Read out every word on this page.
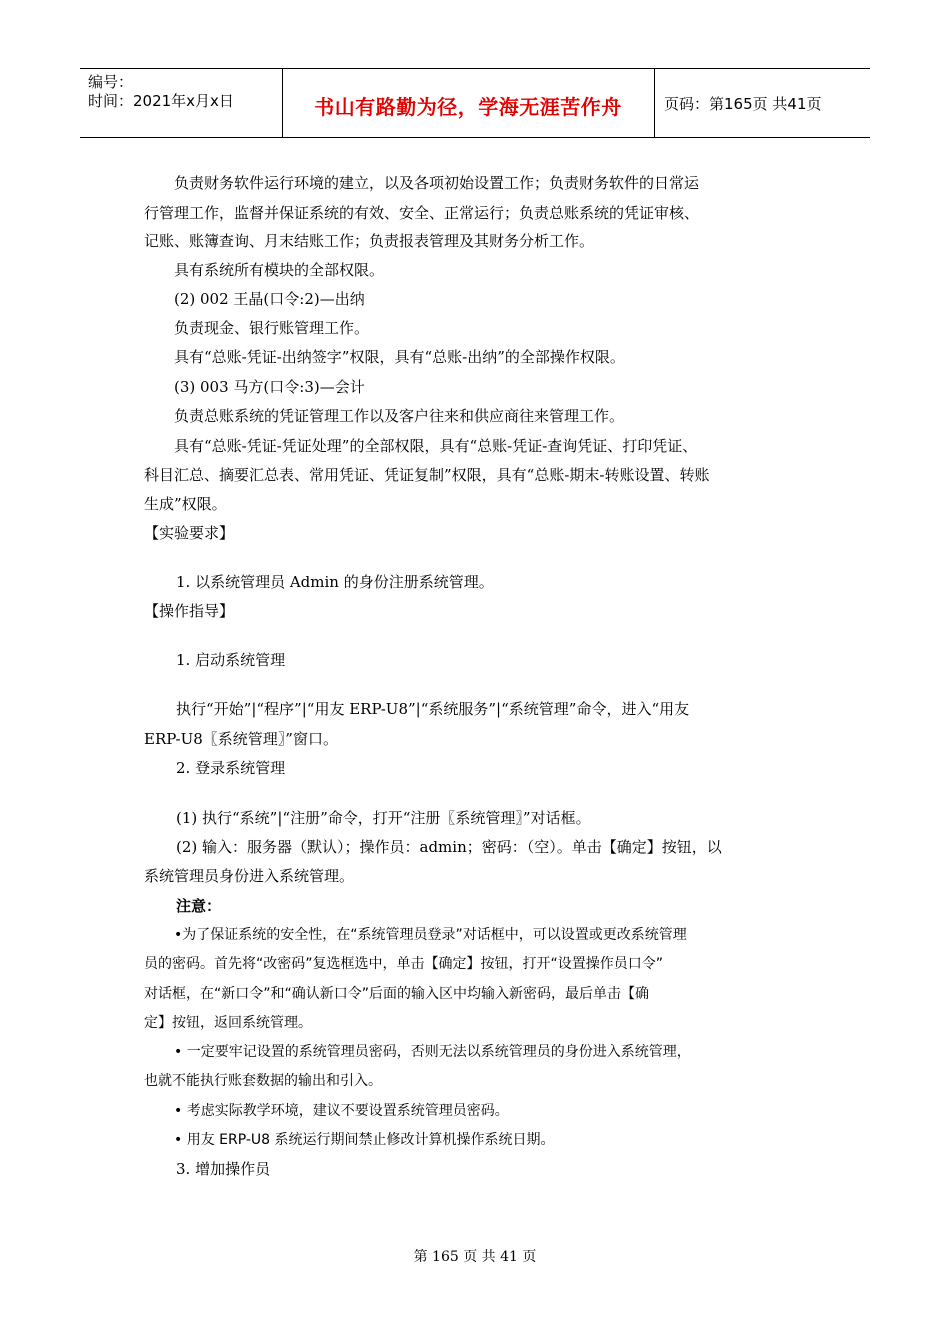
编号：
时间：2021年x月x日	书山有路勤为径，学海无涯苦作舟	页码：第165页 共41页
负责财务软件运行环境的建立，以及各项初始设置工作；负责财务软件的日常运
行管理工作，监督并保证系统的有效、安全、正常运行；负责总账系统的凭证审核、
记账、账簿查询、月末结账工作；负责报表管理及其财务分析工作。
具有系统所有模块的全部权限。
(2) 002 王晶(口令:2)—出纳
负责现金、银行账管理工作。
具有“总账-凭证-出纳签字”权限，具有“总账-出纳”的全部操作权限。
(3) 003 马方(口令:3)—会计
负责总账系统的凭证管理工作以及客户往来和供应商往来管理工作。
具有“总账-凭证-凭证处理”的全部权限，具有“总账-凭证-查询凭证、打印凭证、
科目汇总、摘要汇总表、常用凭证、凭证复制”权限，具有“总账-期末-转账设置、转账
生成”权限。
【实验要求】
1. 以系统管理员 Admin 的身份注册系统管理。
【操作指导】
1. 启动系统管理
执行“开始”|“程序”|“用友 ERP-U8”|“系统服务”|“系统管理”命令，进入“用友
ERP-U8〖系统管理〗”窗口。
2. 登录系统管理
(1) 执行“系统”|“注册”命令，打开“注册〖系统管理〗”对话框。
(2) 输入：服务器（默认）；操作员：admin；密码：（空）。单击【确定】按钮，以
系统管理员身份进入系统管理。
注意：
•为了保证系统的安全性，在“系统管理员登录”对话框中，可以设置或更改系统管理
员的密码。首先将“改密码”复选框选中，单击【确定】按钮，打开“设置操作员口令”
对话框，在“新口令”和“确认新口令”后面的输入区中均输入新密码，最后单击【确
定】按钮，返回系统管理。
• 一定要牢记设置的系统管理员密码，否则无法以系统管理员的身份进入系统管理，
也就不能执行账套数据的输出和引入。
• 考虑实际教学环境，建议不要设置系统管理员密码。
• 用友 ERP-U8 系统运行期间禁止修改计算机操作系统日期。
3. 增加操作员
第 165 页 共 41 页
